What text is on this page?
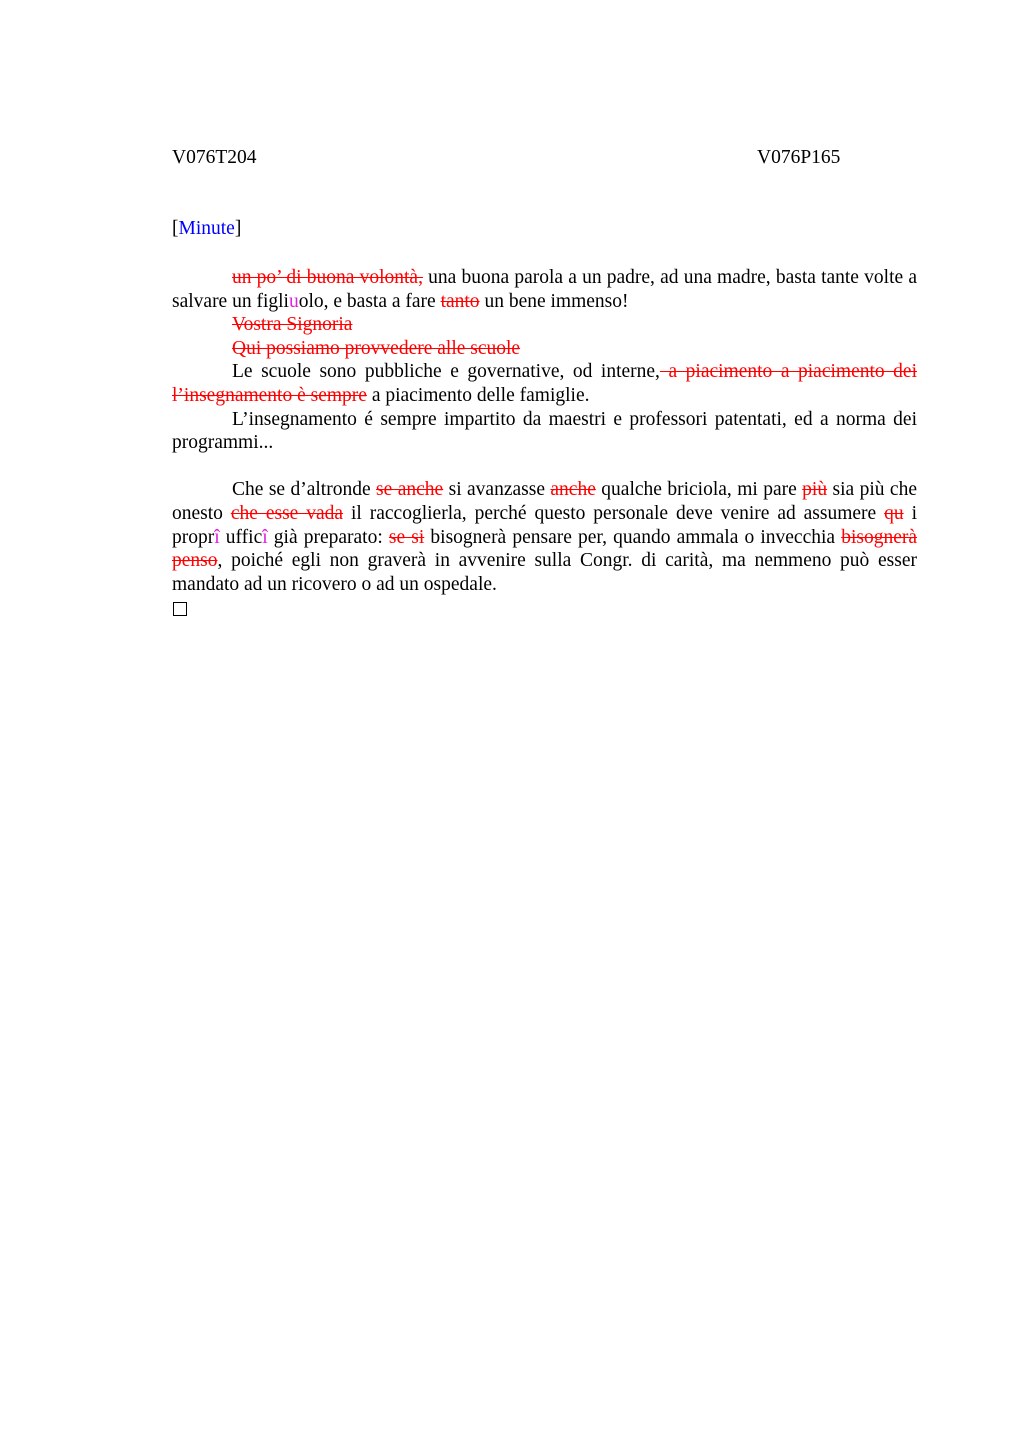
V076T204	V076P165
[Minute]

un po’ di buona volontà, una buona parola a un padre, ad una madre, basta tante volte a salvare un figliuolo, e basta a fare tanto un bene immenso!

Vostra Signoria

Qui possiamo provvedere alle scuole

Le scuole sono pubbliche e governative, od interne, a piacimento a piacimento dei l’insegnamento è sempre a piacimento delle famiglie.

L’insegnamento é sempre impartito da maestri e professori patentati, ed a norma dei programmi...

Che se d’altronde se anche si avanzasse anche qualche briciola, mi pare più sia più che onesto che esse vada il raccoglierla, perché questo personale deve venire ad assumere qu i proprî ufficî già preparato: se si bisognerà pensare per, quando ammala o invecchia bisognerà penso, poiché egli non graverà in avvenire sulla Congr. di carità, ma nemmeno può esser mandato ad un ricovero o ad un ospedale.
